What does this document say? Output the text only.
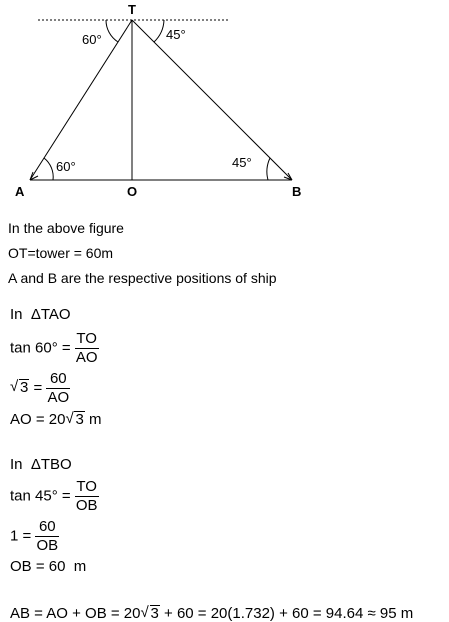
T
A	O	B
60°	45°
60°	45°
In the above figure
OT=tower = 60m
A and B are the respective positions of ship
In ΔTAO
$\tan 60^\circ = \frac{TO}{AO}$
√ $3 = \frac{60}{AO}$
AO = 20 √ 3 m
In ΔTBO
$\tan 45^\circ = \frac{TO}{OB}$
$1 = \frac{60}{OB}$
OB = 60  m
AB = AO + OB = 20 √ 3 + 60 = 20(1.732) + 60 = 94.64 ≈ 95 m
